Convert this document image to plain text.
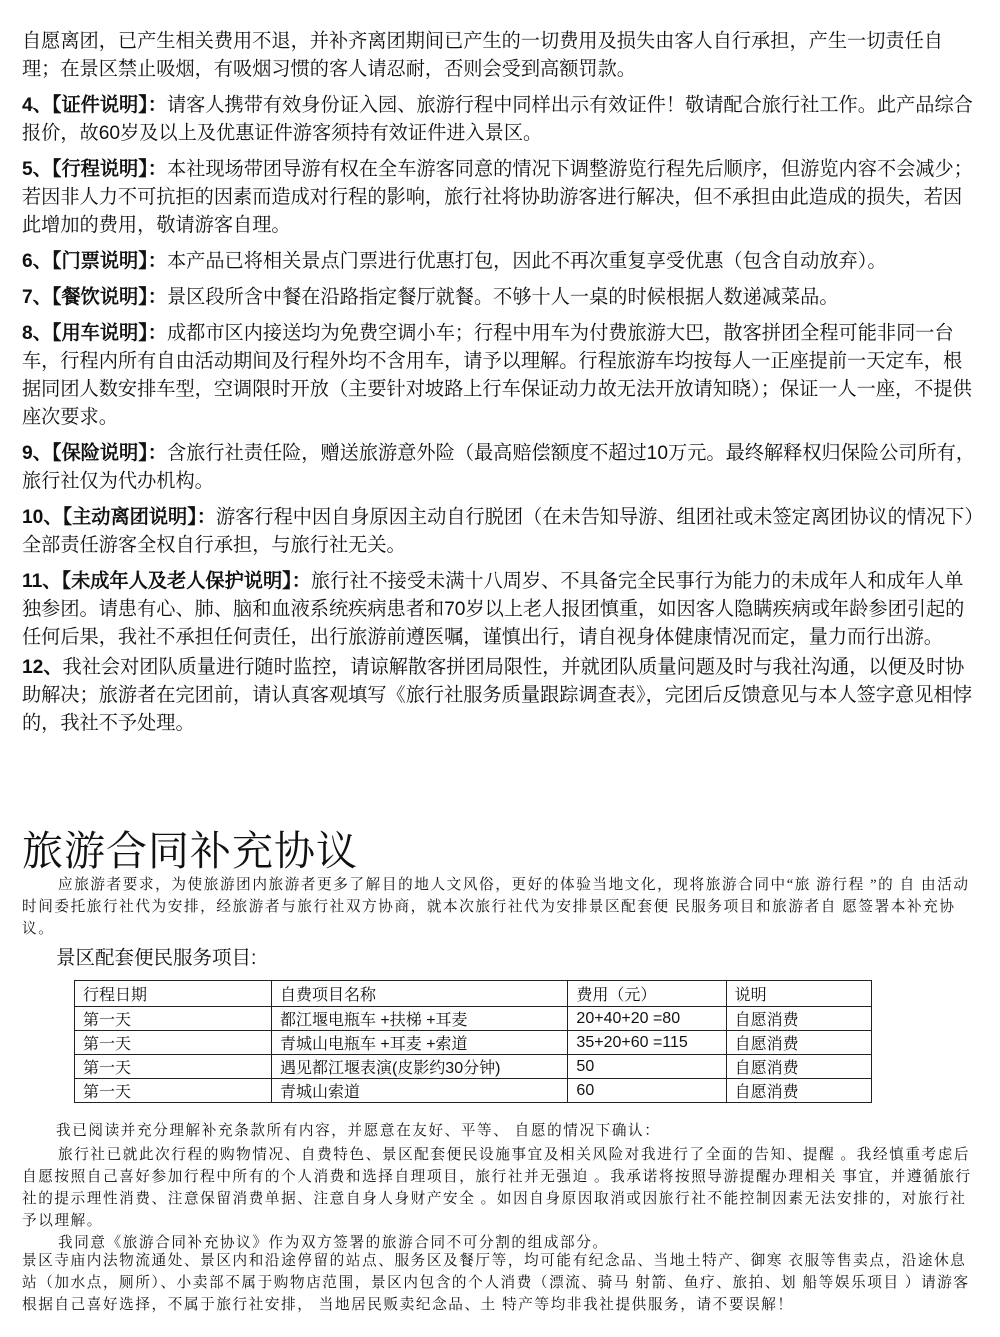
自愿离团，已产生相关费用不退，并补齐离团期间已产生的一切费用及损失由客人自行承担，产生一切责任自理；在景区禁止吸烟，有吸烟习惯的客人请忍耐，否则会受到高额罚款。

4、【证件说明】：请客人携带有效身份证入园、旅游行程中同样出示有效证件！敬请配合旅行社工作。此产品综合报价，故60岁及以上及优惠证件游客须持有效证件进入景区。

5、【行程说明】：本社现场带团导游有权在全车游客同意的情况下调整游览行程先后顺序，但游览内容不会减少；若因非人力不可抗拒的因素而造成对行程的影响，旅行社将协助游客进行解决，但不承担由此造成的损失，若因此增加的费用，敬请游客自理。

6、【门票说明】：本产品已将相关景点门票进行优惠打包，因此不再次重复享受优惠（包含自动放弃）。

7、【餐饮说明】：景区段所含中餐在沿路指定餐厅就餐。不够十人一桌的时候根据人数递减菜品。

8、【用车说明】：成都市区内接送均为免费空调小车；行程中用车为付费旅游大巴，散客拼团全程可能非同一台车，行程内所有自由活动期间及行程外均不含用车，请予以理解。行程旅游车均按每人一正座提前一天定车，根据同团人数安排车型，空调限时开放（主要针对坡路上行车保证动力故无法开放请知晓）；保证一人一座，不提供座次要求。

9、【保险说明】：含旅行社责任险，赠送旅游意外险（最高赔偿额度不超过10万元。最终解释权归保险公司所有，旅行社仅为代办机构。

10、【主动离团说明】：游客行程中因自身原因主动自行脱团（在未告知导游、组团社或未签定离团协议的情况下）全部责任游客全权自行承担，与旅行社无关。

11、【未成年人及老人保护说明】：旅行社不接受未满十八周岁、不具备完全民事行为能力的未成年人和成年人单独参团。请患有心、肺、脑和血液系统疾病患者和70岁以上老人报团慎重，如因客人隐瞒疾病或年龄参团引起的任何后果，我社不承担任何责任，出行旅游前遵医嘱，谨慎出行，请自视身体健康情况而定，量力而行出游。

12、我社会对团队质量进行随时监控，请谅解散客拼团局限性，并就团队质量问题及时与我社沟通，以便及时协助解决；旅游者在完团前，请认真客观填写《旅行社服务质量跟踪调查表》，完团后反馈意见与本人签字意见相悖的，我社不予处理。

旅游合同补充协议

应旅游者要求，为使旅游团内旅游者更多了解目的地人文风俗，更好的体验当地文化，现将旅游合同中“旅 游行程 ”的 自 由活动时间委托旅行社代为安排，经旅游者与旅行社双方协商，就本次旅行社代为安排景区配套便 民服务项目和旅游者自 愿签署本补充协议。

景区配套便民服务项目:

行程日期	自费项目名称	费用（元）	说明
第一天	都江堰电瓶车 +扶梯 +耳麦	20+40+20 =80	自愿消费
第一天	青城山电瓶车 +耳麦 +索道	35+20+60 =115	自愿消费
第一天	遇见都江堰表演(皮影约30分钟)	50	自愿消费
第一天	青城山索道	60	自愿消费

我已阅读并充分理解补充条款所有内容，并愿意在友好、平等、 自愿的情况下确认：

旅行社已就此次行程的购物情况、自费特色、景区配套便民设施事宜及相关风险对我进行了全面的告知、提醒 。我经慎重考虑后自愿按照自己喜好参加行程中所有的个人消费和选择自理项目，旅行社并无强迫 。我承诺将按照导游提醒办理相关 事宜，并遵循旅行社的提示理性消费、注意保留消费单据、注意自身人身财产安全 。如因自身原因取消或因旅行社不能控制因素无法安排的，对旅行社予以理解。

我同意《旅游合同补充协议》作为双方签署的旅游合同不可分割的组成部分。

景区寺庙内法物流通处、景区内和沿途停留的站点、服务区及餐厅等，均可能有纪念品、当地土特产、御寒 衣服等售卖点，沿途休息站（加水点，厕所）、小卖部不属于购物店范围，景区内包含的个人消费（漂流、骑马 射箭、鱼疗、旅拍、划 船等娱乐项目 ）请游客根据自己喜好选择，不属于旅行社安排， 当地居民贩卖纪念品、土 特产等均非我社提供服务，请不要误解！
